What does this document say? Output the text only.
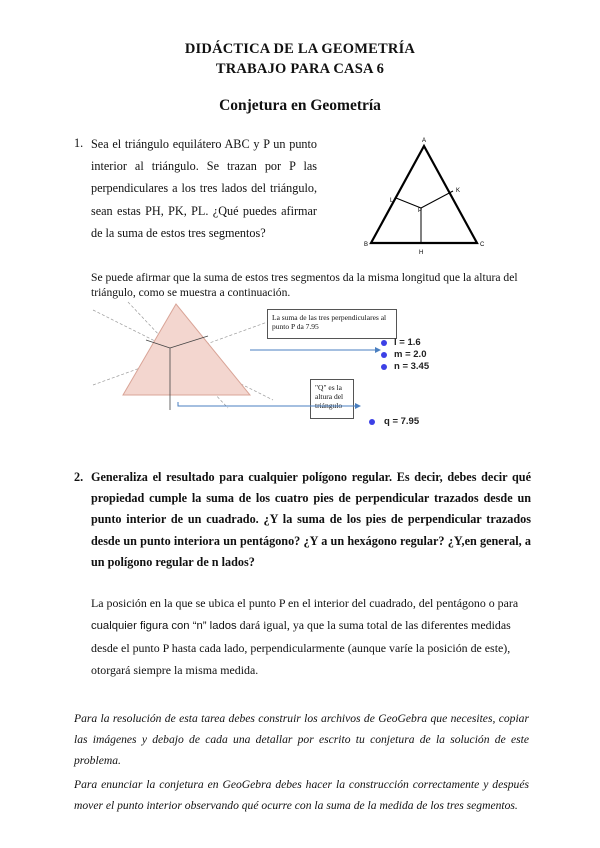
DIDÁCTICA DE LA GEOMETRÍA
TRABAJO PARA CASA 6
Conjetura en Geometría
1. Sea el triángulo equilátero ABC y P un punto interior al triángulo. Se trazan por P las perpendiculares a los tres lados del triángulo, sean estas PH, PK, PL. ¿Qué puedes afirmar de la suma de estos tres segmentos?
A
B	C
H
K
L
P
Se puede afirmar que la suma de estos tres segmentos da la misma longitud que la altura del triángulo, como se muestra a continuación.
La suma de las tres perpendiculares al punto P da 7.95
"Q" es la altura del triángulo
l = 1.6
m = 2.0
n = 3.45
q = 7.95
2. Generaliza el resultado para cualquier polígono regular. Es decir, debes decir qué propiedad cumple la suma de los cuatro pies de perpendicular trazados desde un punto interior de un cuadrado. ¿Y la suma de los pies de perpendicular trazados desde un punto interiora un pentágono? ¿Y a un hexágono regular? ¿Y,en general, a un polígono regular de n lados?
La posición en la que se ubica el punto P en el interior del cuadrado, del pentágono o para cualquier figura con “n” lados dará igual, ya que la suma total de las diferentes medidas desde el punto P hasta cada lado, perpendicularmente (aunque varíe la posición de este), otorgará siempre la misma medida.
Para la resolución de esta tarea debes construir los archivos de GeoGebra que necesites, copiar las imágenes y debajo de cada una detallar por escrito tu conjetura de la solución de este problema.
Para enunciar la conjetura en GeoGebra debes hacer la construcción correctamente y después mover el punto interior observando qué ocurre con la suma de la medida de los tres segmentos.
